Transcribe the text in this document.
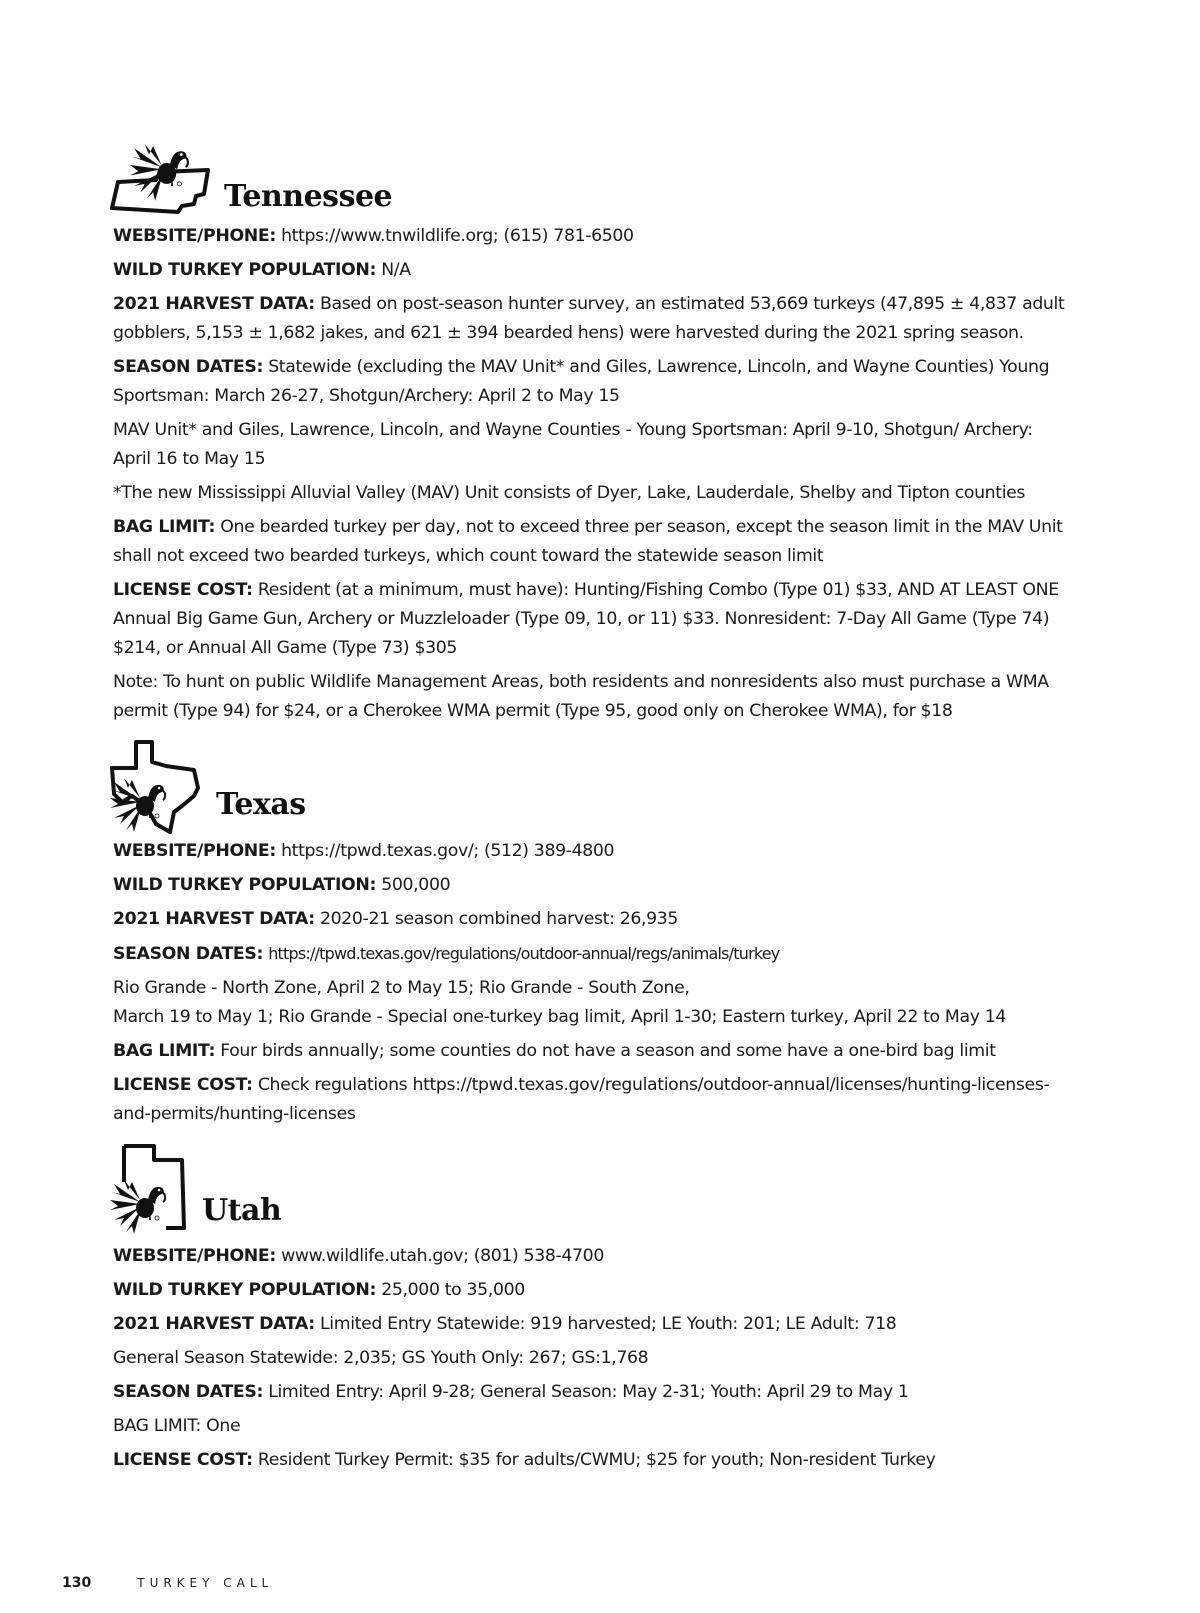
Tennessee

WEBSITE/PHONE: https://www.tnwildlife.org; (615) 781-6500

WILD TURKEY POPULATION: N/A

2021 HARVEST DATA: Based on post-season hunter survey, an estimated 53,669 turkeys (47,895 ± 4,837 adult gobblers, 5,153 ± 1,682 jakes, and 621 ± 394 bearded hens) were harvested during the 2021 spring season.

SEASON DATES: Statewide (excluding the MAV Unit* and Giles, Lawrence, Lincoln, and Wayne Counties) Young Sportsman: March 26-27, Shotgun/Archery: April 2 to May 15

MAV Unit* and Giles, Lawrence, Lincoln, and Wayne Counties - Young Sportsman: April 9-10, Shotgun/ Archery: April 16 to May 15

*The new Mississippi Alluvial Valley (MAV) Unit consists of Dyer, Lake, Lauderdale, Shelby and Tipton counties

BAG LIMIT: One bearded turkey per day, not to exceed three per season, except the season limit in the MAV Unit shall not exceed two bearded turkeys, which count toward the statewide season limit

LICENSE COST: Resident (at a minimum, must have): Hunting/Fishing Combo (Type 01) $33, AND AT LEAST ONE Annual Big Game Gun, Archery or Muzzleloader (Type 09, 10, or 11) $33. Nonresident: 7-Day All Game (Type 74) $214, or Annual All Game (Type 73) $305

Note: To hunt on public Wildlife Management Areas, both residents and nonresidents also must purchase a WMA permit (Type 94) for $24, or a Cherokee WMA permit (Type 95, good only on Cherokee WMA), for $18

Texas

WEBSITE/PHONE: https://tpwd.texas.gov/; (512) 389-4800

WILD TURKEY POPULATION: 500,000

2021 HARVEST DATA: 2020-21 season combined harvest: 26,935

SEASON DATES: https://tpwd.texas.gov/regulations/outdoor-annual/regs/animals/turkey

Rio Grande - North Zone, April 2 to May 15; Rio Grande - South Zone,
March 19 to May 1; Rio Grande - Special one-turkey bag limit, April 1-30; Eastern turkey, April 22 to May 14

BAG LIMIT: Four birds annually; some counties do not have a season and some have a one-bird bag limit

LICENSE COST: Check regulations https://tpwd.texas.gov/regulations/outdoor-annual/licenses/hunting-licenses-and-permits/hunting-licenses

Utah

WEBSITE/PHONE: www.wildlife.utah.gov; (801) 538-4700

WILD TURKEY POPULATION: 25,000 to 35,000

2021 HARVEST DATA: Limited Entry Statewide: 919 harvested; LE Youth: 201; LE Adult: 718

General Season Statewide: 2,035; GS Youth Only: 267; GS:1,768

SEASON DATES: Limited Entry: April 9-28; General Season: May 2-31; Youth: April 29 to May 1

BAG LIMIT: One

LICENSE COST: Resident Turkey Permit: $35 for adults/CWMU; $25 for youth; Non-resident Turkey

130	TURKEY CALL
